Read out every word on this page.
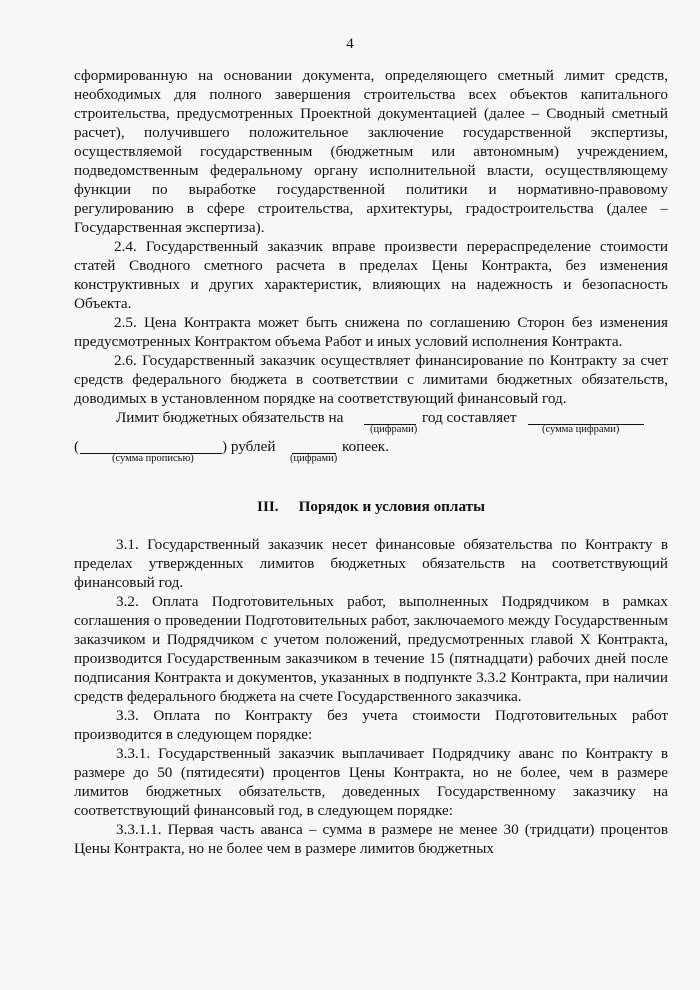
4

сформированную на основании документа, определяющего сметный лимит средств, необходимых для полного завершения строительства всех объектов капитального строительства, предусмотренных Проектной документацией (далее – Сводный сметный расчет), получившего положительное заключение государственной экспертизы, осуществляемой государственным (бюджетным или автономным) учреждением, подведомственным федеральному органу исполнительной власти, осуществляющему функции по выработке государственной политики и нормативно-правовому регулированию в сфере строительства, архитектуры, градостроительства (далее – Государственная экспертиза).

2.4. Государственный заказчик вправе произвести перераспределение стоимости статей Сводного сметного расчета в пределах Цены Контракта, без изменения конструктивных и других характеристик, влияющих на надежность и безопасность Объекта.

2.5. Цена Контракта может быть снижена по соглашению Сторон без изменения предусмотренных Контрактом объема Работ и иных условий исполнения Контракта.

2.6. Государственный заказчик осуществляет финансирование по Контракту за счет средств федерального бюджета в соответствии с лимитами бюджетных обязательств, доводимых в установленном порядке на соответствующий финансовый год.

Лимит бюджетных обязательств на	год составляет
(цифрами)	(сумма цифрами)
(	) рублей	копеек.
(сумма прописью)	(цифрами)
III. Порядок и условия оплаты

3.1. Государственный заказчик несет финансовые обязательства по Контракту в пределах утвержденных лимитов бюджетных обязательств на соответствующий финансовый год.

3.2. Оплата Подготовительных работ, выполненных Подрядчиком в рамках соглашения о проведении Подготовительных работ, заключаемого между Государственным заказчиком и Подрядчиком с учетом положений, предусмотренных главой X Контракта, производится Государственным заказчиком в течение 15 (пятнадцати) рабочих дней после подписания Контракта и документов, указанных в подпункте 3.3.2 Контракта, при наличии средств федерального бюджета на счете Государственного заказчика.

3.3. Оплата по Контракту без учета стоимости Подготовительных работ производится в следующем порядке:

3.3.1. Государственный заказчик выплачивает Подрядчику аванс по Контракту в размере до 50 (пятидесяти) процентов Цены Контракта, но не более, чем в размере лимитов бюджетных обязательств, доведенных Государственному заказчику на соответствующий финансовый год, в следующем порядке:

3.3.1.1. Первая часть аванса – сумма в размере не менее 30 (тридцати) процентов Цены Контракта, но не более чем в размере лимитов бюджетных
